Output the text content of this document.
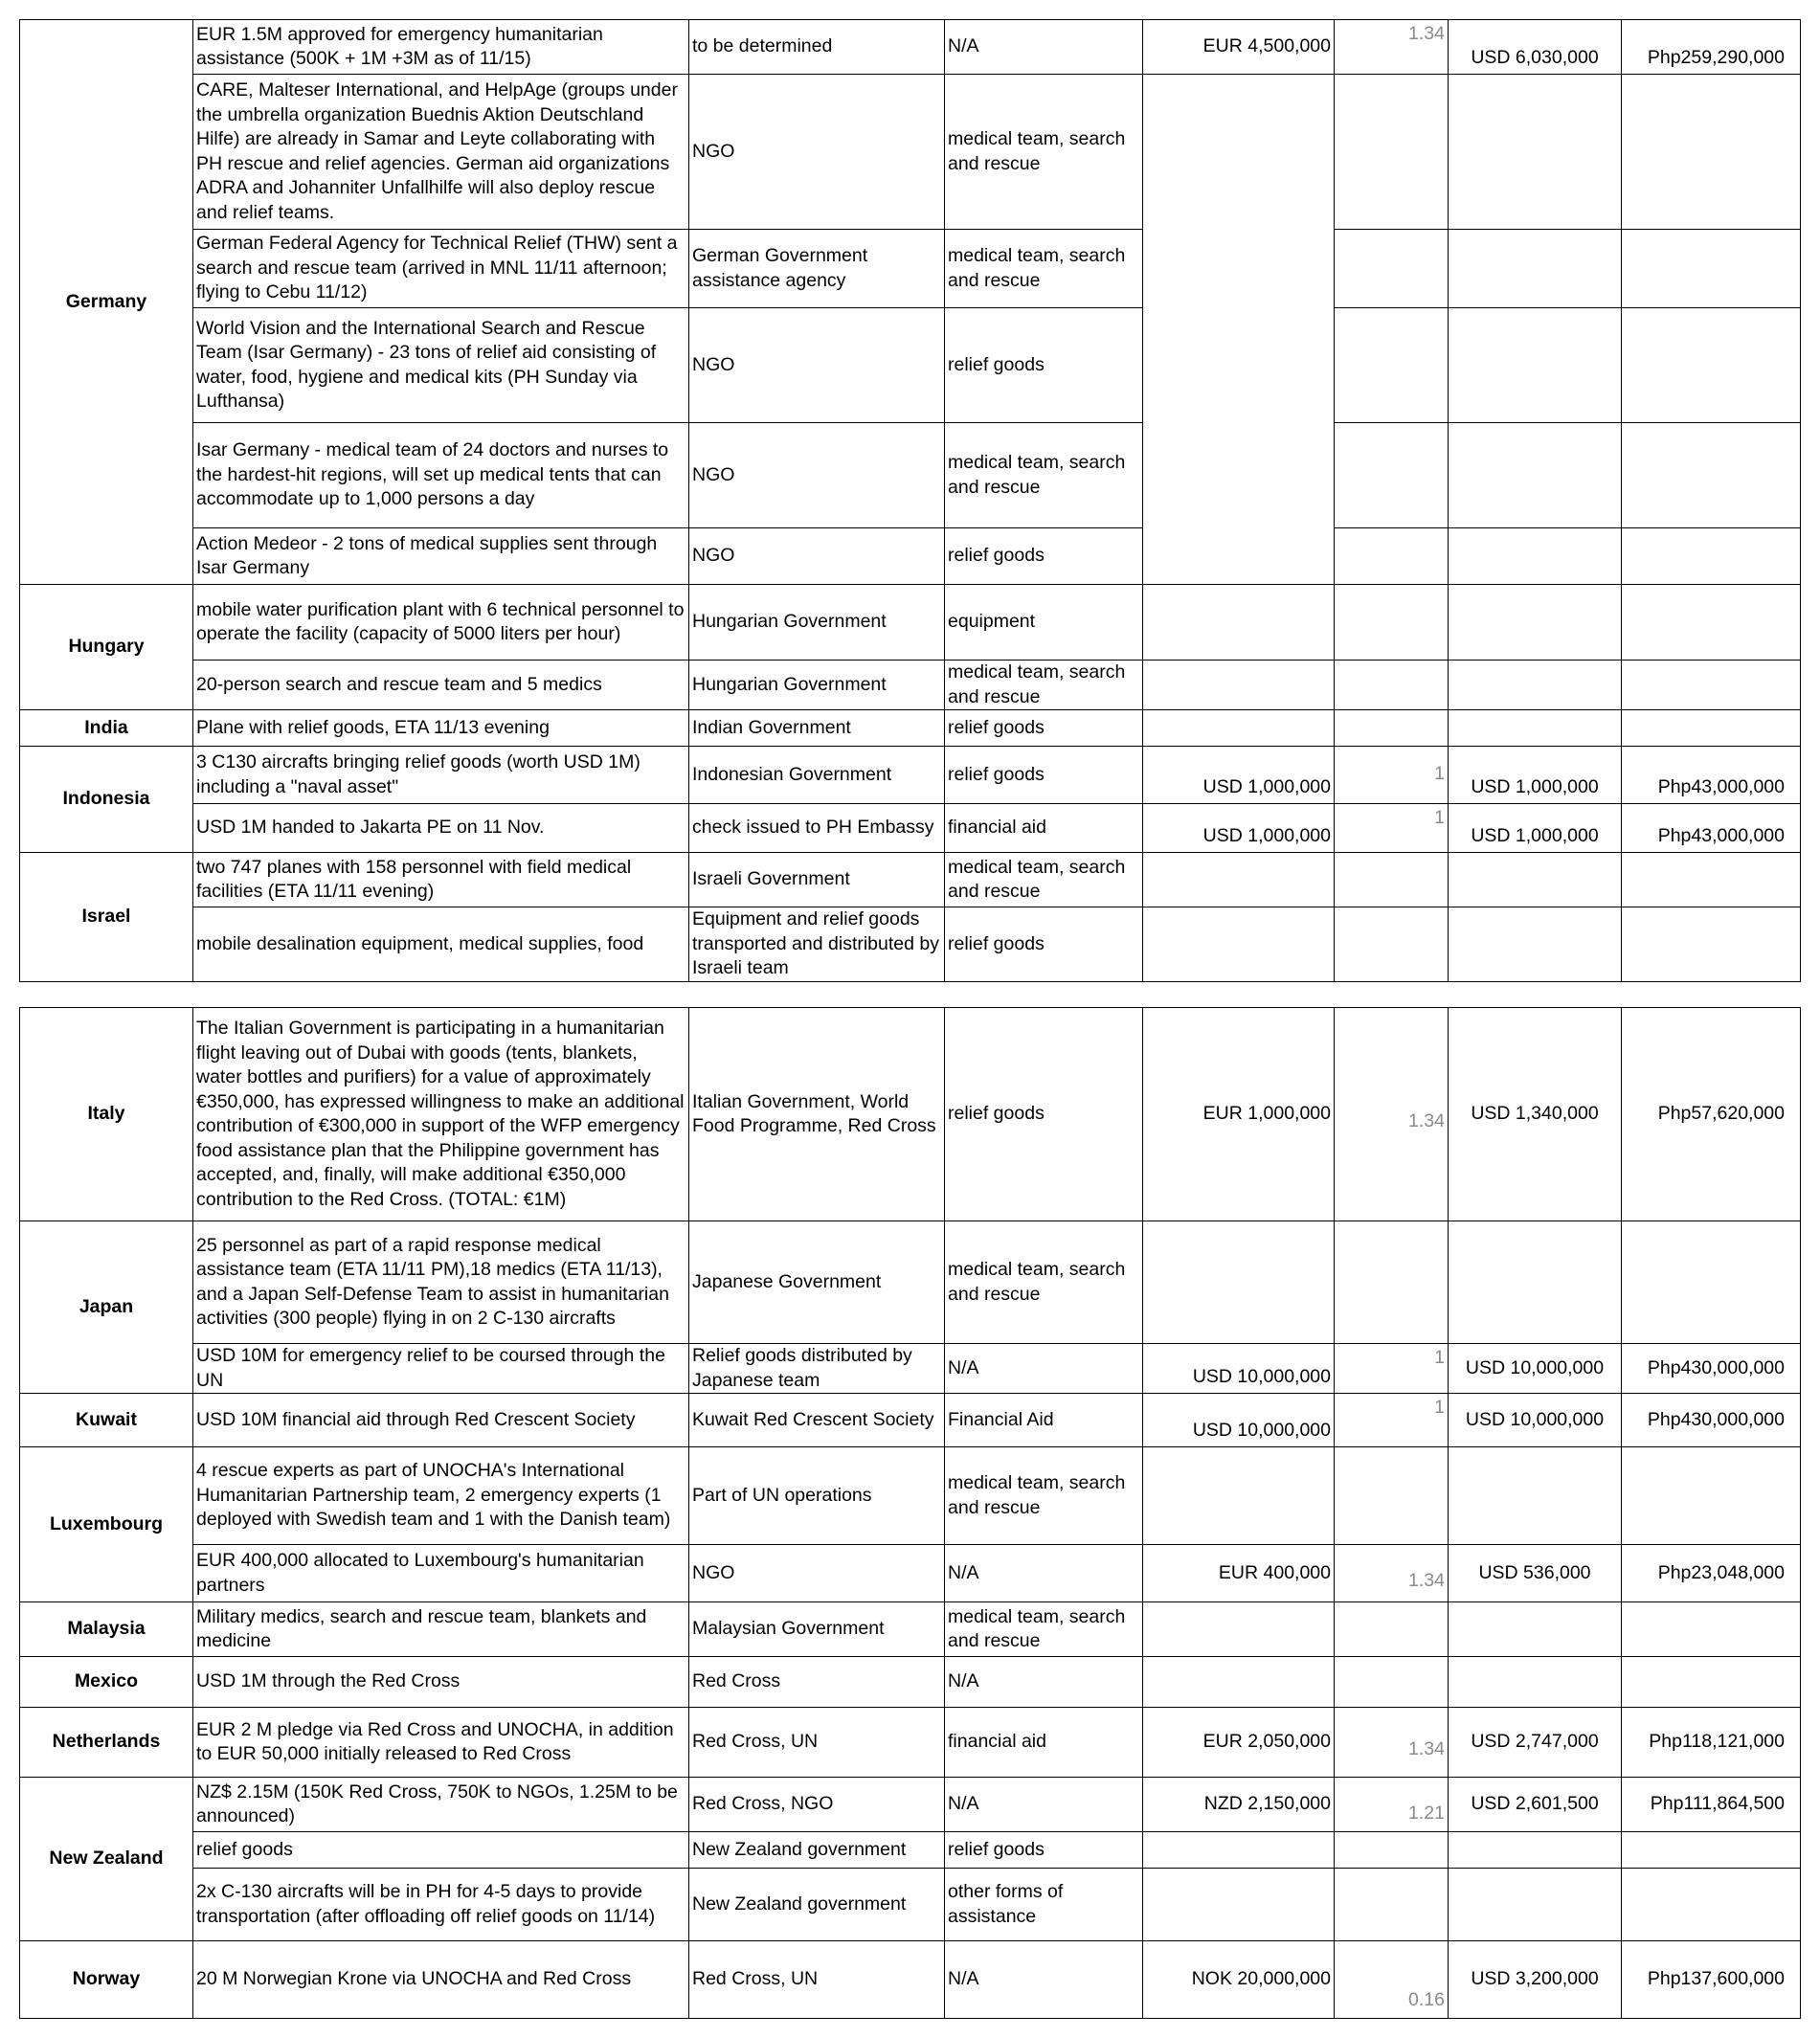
Germany	EUR 1.5M approved for emergency humanitarian assistance (500K + 1M +3M as of 11/15)	to be determined	N/A	EUR 4,500,000	1.34	USD 6,030,000	Php259,290,000
	CARE, Malteser International, and HelpAge (groups under the umbrella organization Buednis Aktion Deutschland Hilfe) are already in Samar and Leyte collaborating with PH rescue and relief agencies. German aid organizations ADRA and Johanniter Unfallhilfe will also deploy rescue and relief teams.	NGO	medical team, search and rescue				
	German Federal Agency for Technical Relief (THW) sent a search and rescue team (arrived in MNL 11/11 afternoon; flying to Cebu 11/12)	German Government assistance agency	medical team, search and rescue				
	World Vision and the International Search and Rescue Team (Isar Germany) - 23 tons of relief aid consisting of water, food, hygiene and medical kits (PH Sunday via Lufthansa)	NGO	relief goods				
	Isar Germany - medical team of 24 doctors and nurses to the hardest-hit regions, will set up medical tents that can accommodate up to 1,000 persons a day	NGO	medical team, search and rescue				
	Action Medeor - 2 tons of medical supplies sent through Isar Germany	NGO	relief goods				
Hungary	mobile water purification plant with 6 technical personnel to operate the facility (capacity of 5000 liters per hour)	Hungarian Government	equipment				
	20-person search and rescue team and 5 medics	Hungarian Government	medical team, search and rescue				
India	Plane with relief goods, ETA 11/13 evening	Indian Government	relief goods				
Indonesia	3 C130 aircrafts bringing relief goods (worth USD 1M) including a "naval asset"	Indonesian Government	relief goods	USD 1,000,000	1	USD 1,000,000	Php43,000,000
	USD 1M handed to Jakarta PE on 11 Nov.	check issued to PH Embassy	financial aid	USD 1,000,000	1	USD 1,000,000	Php43,000,000
Israel	two 747 planes with 158 personnel with field medical facilities (ETA 11/11 evening)	Israeli Government	medical team, search and rescue				
	mobile desalination equipment, medical supplies, food	Equipment and relief goods transported and distributed by Israeli team	relief goods				
Italy	The Italian Government is participating in a humanitarian flight leaving out of Dubai with goods (tents, blankets, water bottles and purifiers) for a value of approximately €350,000, has expressed willingness to make an additional contribution of €300,000 in support of the WFP emergency food assistance plan that the Philippine government has accepted, and, finally, will make additional €350,000 contribution to the Red Cross. (TOTAL: €1M)	Italian Government, World Food Programme, Red Cross	relief goods	EUR 1,000,000	1.34	USD 1,340,000	Php57,620,000
Japan	25 personnel as part of a rapid response medical assistance team (ETA 11/11 PM),18 medics (ETA 11/13), and a Japan Self-Defense Team to assist in humanitarian activities (300 people) flying in on 2 C-130 aircrafts	Japanese Government	medical team, search and rescue				
	USD 10M for emergency relief to be coursed through the UN	Relief goods distributed by Japanese team	N/A	USD 10,000,000	1	USD 10,000,000	Php430,000,000
Kuwait	USD 10M financial aid through Red Crescent Society	Kuwait Red Crescent Society	Financial Aid	USD 10,000,000	1	USD 10,000,000	Php430,000,000
Luxembourg	4 rescue experts as part of UNOCHA's International Humanitarian Partnership team, 2 emergency experts (1 deployed with Swedish team and 1 with the Danish team)	Part of UN operations	medical team, search and rescue				
	EUR 400,000 allocated to Luxembourg's humanitarian partners	NGO	N/A	EUR 400,000	1.34	USD 536,000	Php23,048,000
Malaysia	Military medics, search and rescue team, blankets and medicine	Malaysian Government	medical team, search and rescue				
Mexico	USD 1M through the Red Cross	Red Cross	N/A				
Netherlands	EUR 2 M pledge via Red Cross and UNOCHA, in addition to EUR 50,000 initially released to Red Cross	Red Cross, UN	financial aid	EUR 2,050,000	1.34	USD 2,747,000	Php118,121,000
New Zealand	NZ$ 2.15M (150K Red Cross, 750K to NGOs, 1.25M to be announced)	Red Cross, NGO	N/A	NZD 2,150,000	1.21	USD 2,601,500	Php111,864,500
	relief goods	New Zealand government	relief goods				
	2x C-130 aircrafts will be in PH for 4-5 days to provide transportation (after offloading off relief goods on 11/14)	New Zealand government	other forms of assistance				
Norway	20 M Norwegian Krone via UNOCHA and Red Cross	Red Cross, UN	N/A	NOK 20,000,000	0.16	USD 3,200,000	Php137,600,000
